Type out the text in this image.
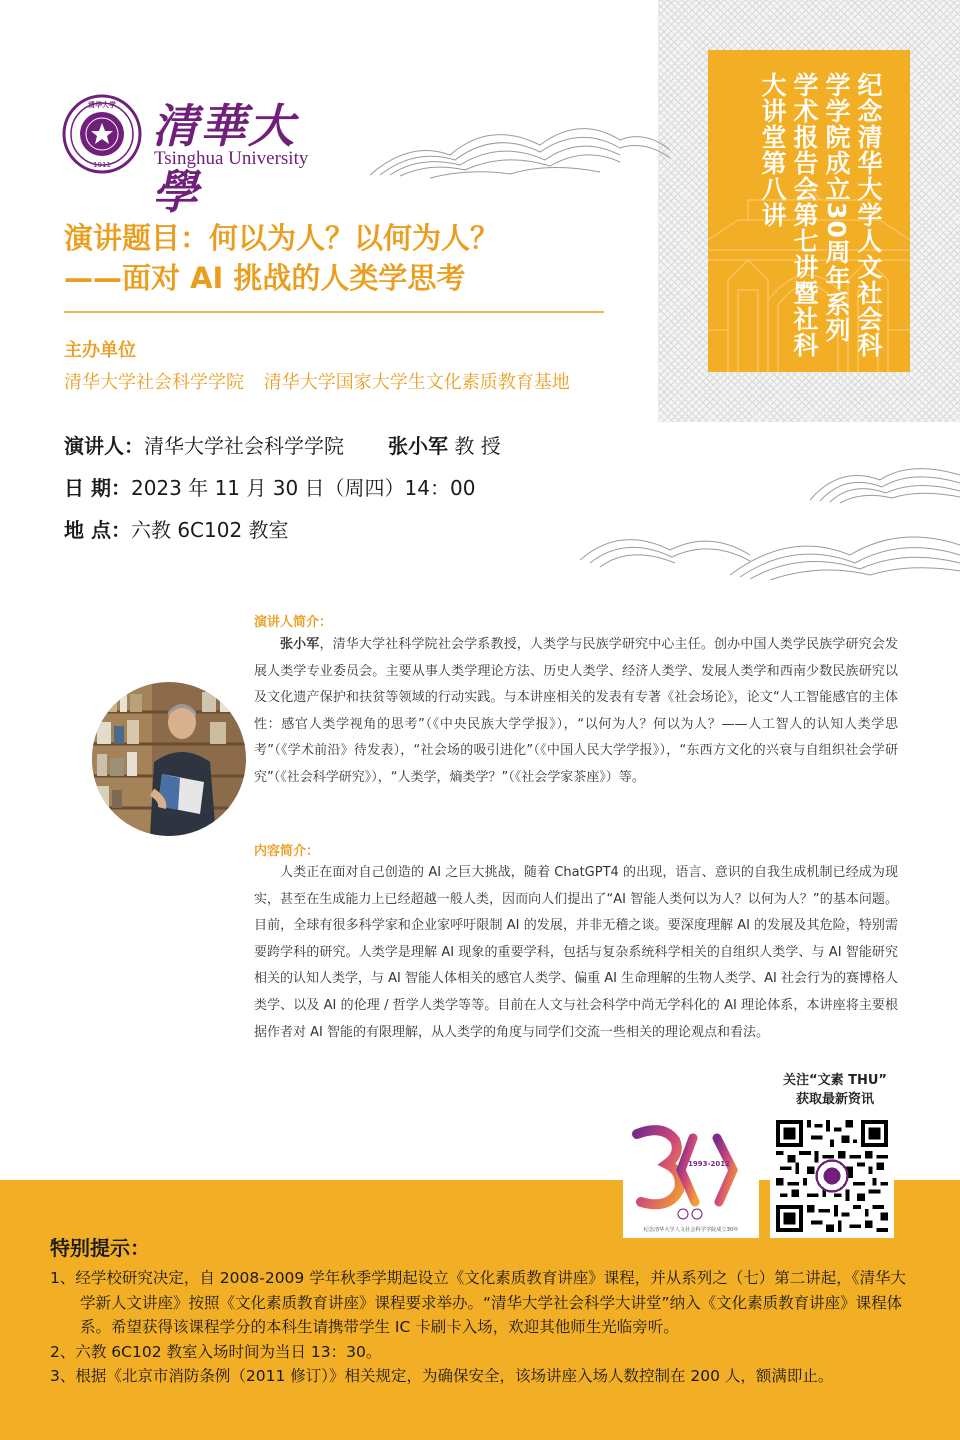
纪念清华大学人文社会科学学院成立30周年系列学术报告会第七讲暨社科大讲堂第八讲
清华大学
1911
清華大學
Tsinghua University
演讲题目：何以为人？以何为人？
——面对 AI 挑战的人类学思考
主办单位
清华大学社会科学学院 清华大学国家大学生文化素质教育基地
演讲人：清华大学社会科学学院 张小军 教 授
日 期：2023 年 11 月 30 日（周四）14：00
地 点：六教 6C102 教室
演讲人简介：
张小军，清华大学社科学院社会学系教授，人类学与民族学研究中心主任。创办中国人类学民族学研究会发展人类学专业委员会。主要从事人类学理论方法、历史人类学、经济人类学、发展人类学和西南少数民族研究以及文化遗产保护和扶贫等领域的行动实践。与本讲座相关的发表有专著《社会场论》，论文“人工智能感官的主体性：感官人类学视角的思考”（《中央民族大学学报》），“以何为人？何以为人？——人工智人的认知人类学思考”（《学术前沿》待发表），“社会场的吸引进化”（《中国人民大学学报》），“东西方文化的兴衰与自组织社会学研究”（《社会科学研究》），“人类学，熵类学？”（《社会学家茶座》）等。
内容简介：
人类正在面对自己创造的 AI 之巨大挑战，随着 ChatGPT4 的出现，语言、意识的自我生成机制已经成为现实，甚至在生成能力上已经超越一般人类，因而向人们提出了“AI 智能人类何以为人？以何为人？”的基本问题。目前，全球有很多科学家和企业家呼吁限制 AI 的发展，并非无稽之谈。要深度理解 AI 的发展及其危险，特别需要跨学科的研究。人类学是理解 AI 现象的重要学科，包括与复杂系统科学相关的自组织人类学、与 AI 智能研究相关的认知人类学，与 AI 智能人体相关的感官人类学、偏重 AI 生命理解的生物人类学、AI 社会行为的赛博格人类学、以及 AI 的伦理 / 哲学人类学等等。目前在人文与社会科学中尚无学科化的 AI 理论体系，本讲座将主要根据作者对 AI 智能的有限理解，从人类学的角度与同学们交流一些相关的理论观点和看法。
关注“文素 THU”
获取最新资讯
1993-2012
纪念清华大学人文社会科学学院成立30年
特别提示：
1、经学校研究决定，自 2008-2009 学年秋季学期起设立《文化素质教育讲座》课程，并从系列之（七）第二讲起，《清华大学新人文讲座》按照《文化素质教育讲座》课程要求举办。“清华大学社会科学大讲堂”纳入《文化素质教育讲座》课程体系。希望获得该课程学分的本科生请携带学生 IC 卡刷卡入场，欢迎其他师生光临旁听。
2、六教 6C102 教室入场时间为当日 13：30。
3、根据《北京市消防条例（2011 修订）》相关规定，为确保安全，该场讲座入场人数控制在 200 人，额满即止。
